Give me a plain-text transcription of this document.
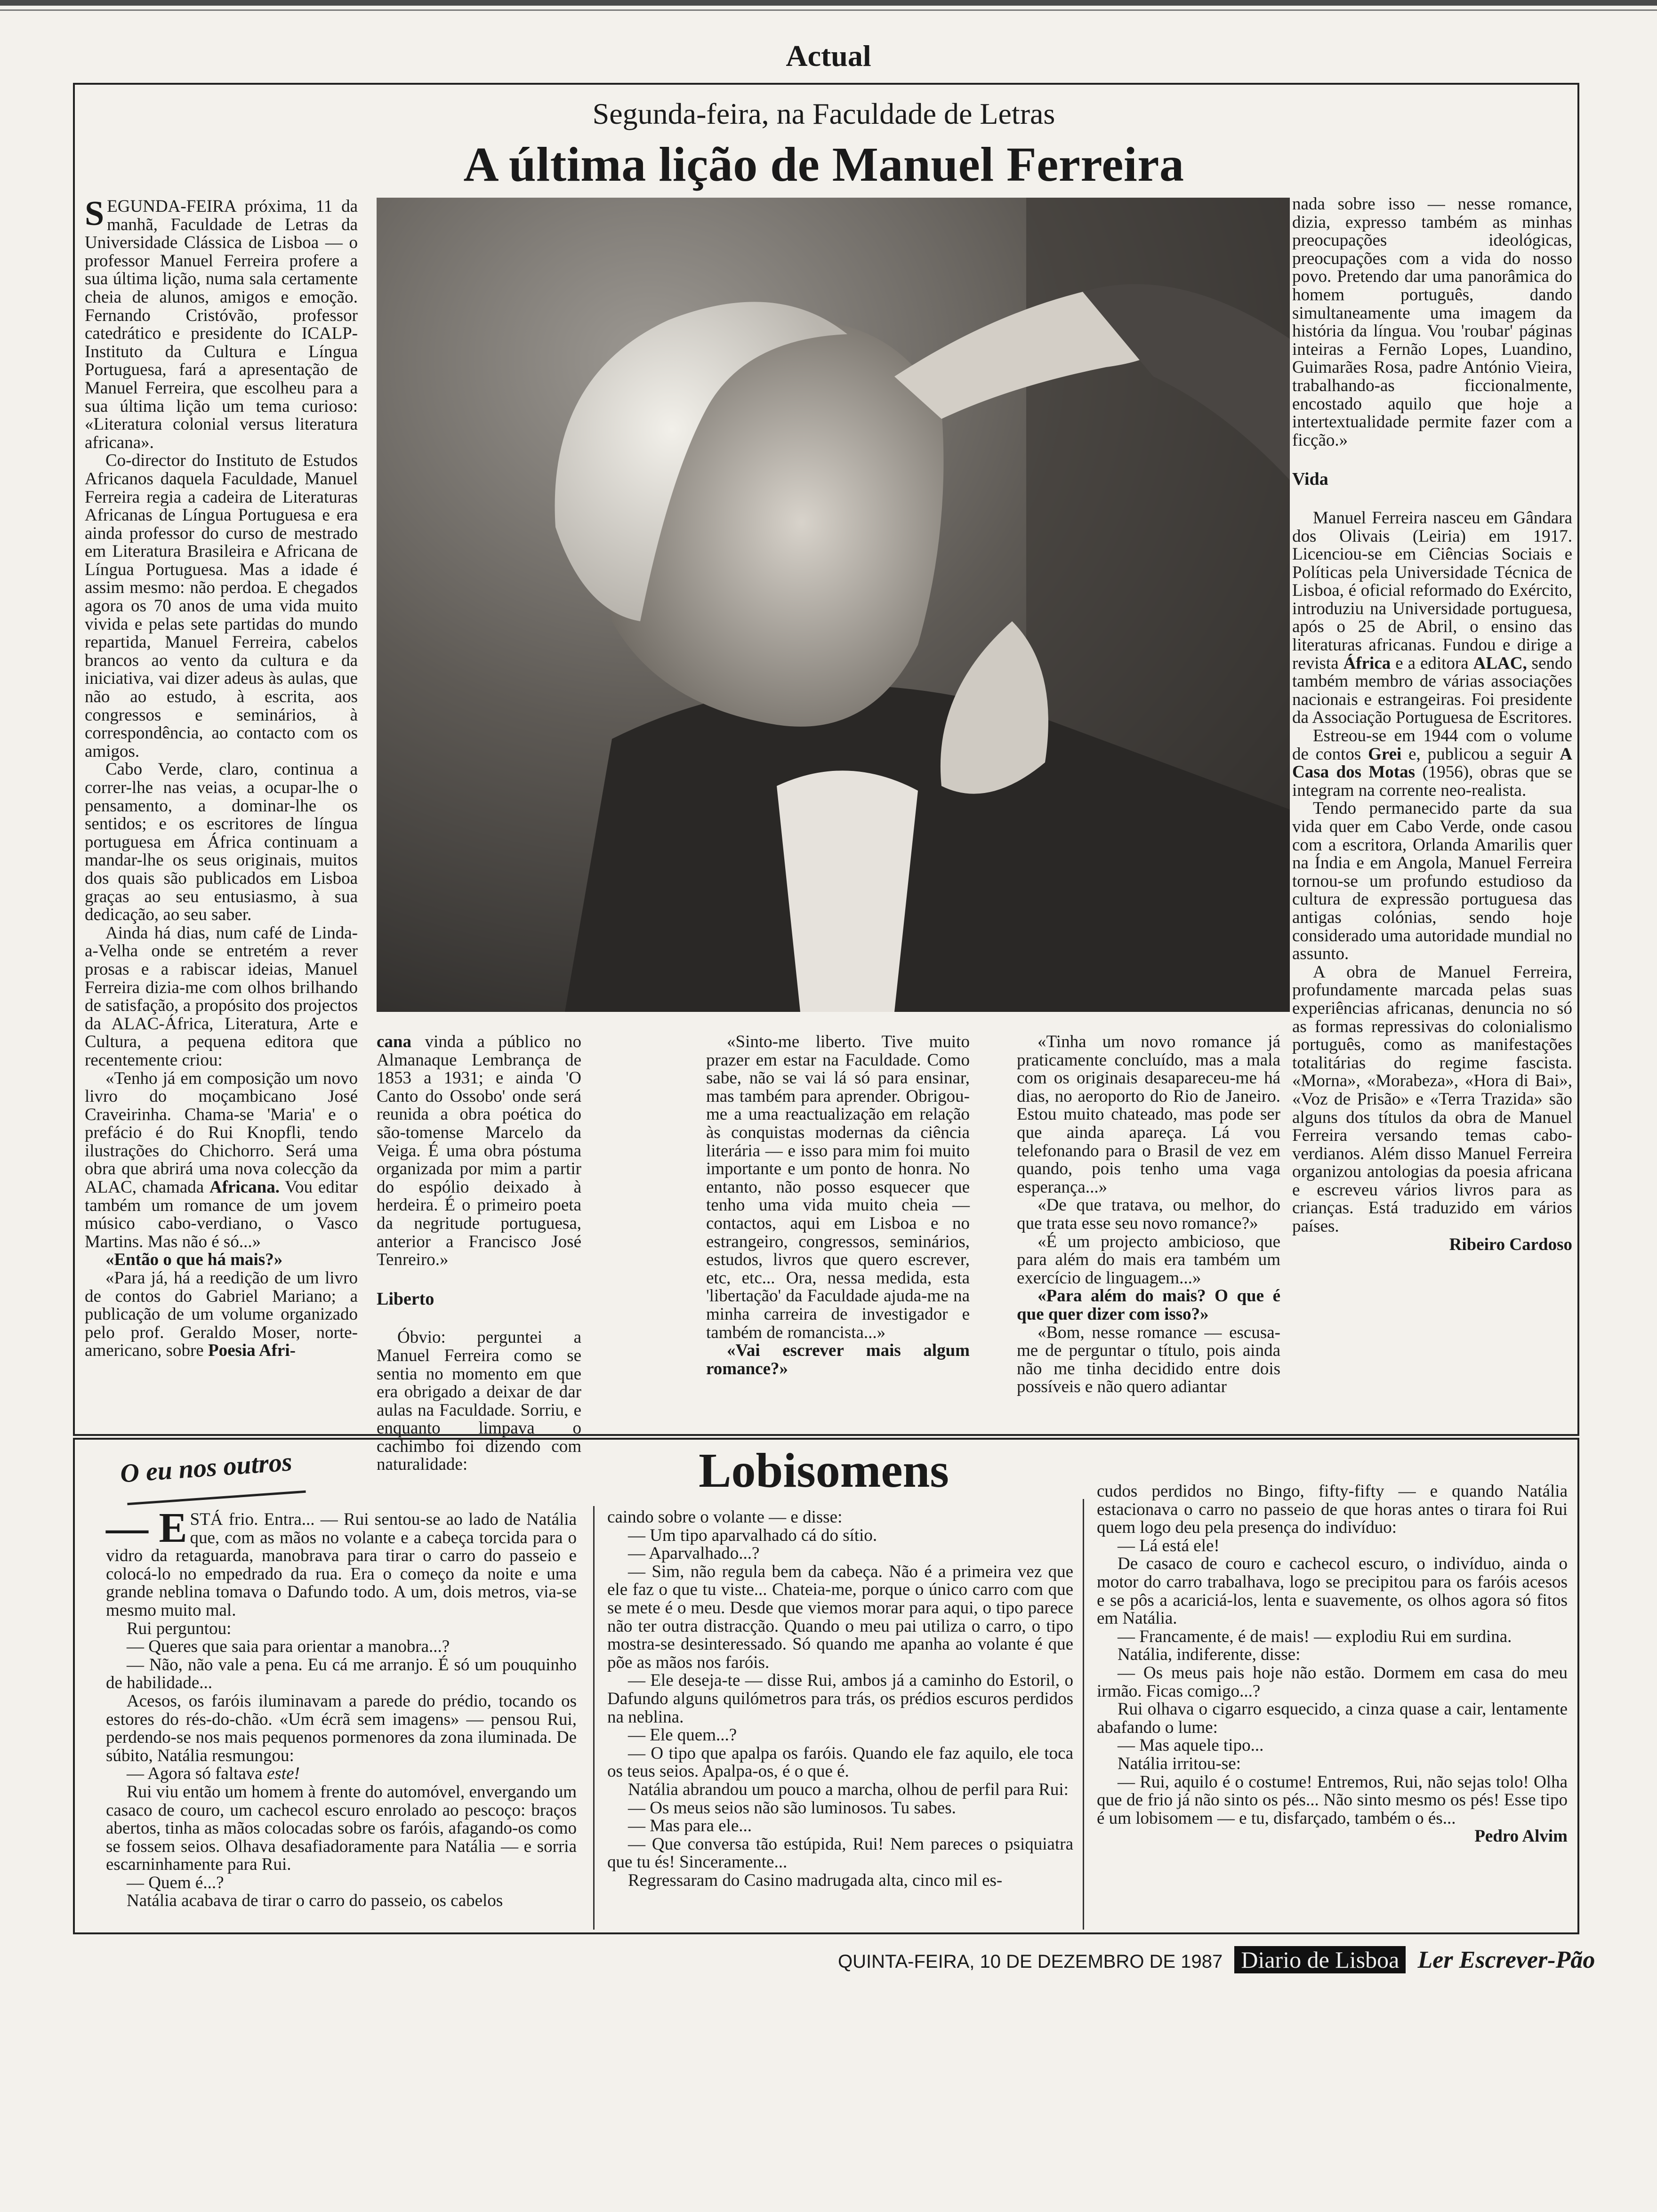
Actual
Segunda-feira, na Faculdade de Letras
A última lição de Manuel Ferreira

SEGUNDA-FEIRA próxima, 11 da manhã, Faculdade de Letras da Universidade Clássica de Lisboa — o professor Manuel Ferreira profere a sua última lição, numa sala certamente cheia de alunos, amigos e emoção. Fernando Cristóvão, professor catedrático e presidente do ICALP-Instituto da Cultura e Língua Portuguesa, fará a apresentação de Manuel Ferreira, que escolheu para a sua última lição um tema curioso: «Literatura colonial versus literatura africana».

Co-director do Instituto de Estudos Africanos daquela Faculdade, Manuel Ferreira regia a cadeira de Literaturas Africanas de Língua Portuguesa e era ainda professor do curso de mestrado em Literatura Brasileira e Africana de Língua Portuguesa. Mas a idade é assim mesmo: não perdoa. E chegados agora os 70 anos de uma vida muito vivida e pelas sete partidas do mundo repartida, Manuel Ferreira, cabelos brancos ao vento da cultura e da iniciativa, vai dizer adeus às aulas, que não ao estudo, à escrita, aos congressos e seminários, à correspondência, ao contacto com os amigos.

Cabo Verde, claro, continua a correr-lhe nas veias, a ocupar-lhe o pensamento, a dominar-lhe os sentidos; e os escritores de língua portuguesa em África continuam a mandar-lhe os seus originais, muitos dos quais são publicados em Lisboa graças ao seu entusiasmo, à sua dedicação, ao seu saber.

Ainda há dias, num café de Linda-a-Velha onde se entretém a rever prosas e a rabiscar ideias, Manuel Ferreira dizia-me com olhos brilhando de satisfação, a propósito dos projectos da ALAC-África, Literatura, Arte e Cultura, a pequena editora que recentemente criou:

«Tenho já em composição um novo livro do moçambicano José Craveirinha. Chama-se 'Maria' e o prefácio é do Rui Knopfli, tendo ilustrações do Chichorro. Será uma obra que abrirá uma nova colecção da ALAC, chamada Africana. Vou editar também um romance de um jovem músico cabo-verdiano, o Vasco Martins. Mas não é só...»

«Então o que há mais?»

«Para já, há a reedição de um livro de contos do Gabriel Mariano; a publicação de um volume organizado pelo prof. Geraldo Moser, norte-americano, sobre Poesia Afri-

cana vinda a público no Almanaque Lembrança de 1853 a 1931; e ainda 'O Canto do Ossobo' onde será reunida a obra poética do são-tomense Marcelo da Veiga. É uma obra póstuma organizada por mim a partir do espólio deixado à herdeira. É o primeiro poeta da negritude portuguesa, anterior a Francisco José Tenreiro.»

Liberto

Óbvio: perguntei a Manuel Ferreira como se sentia no momento em que era obrigado a deixar de dar aulas na Faculdade. Sorriu, e enquanto limpava o cachimbo foi dizendo com naturalidade:

«Sinto-me liberto. Tive muito prazer em estar na Faculdade. Como sabe, não se vai lá só para ensinar, mas também para aprender. Obrigou-me a uma reactualização em relação às conquistas modernas da ciência literária — e isso para mim foi muito importante e um ponto de honra. No entanto, não posso esquecer que tenho uma vida muito cheia — contactos, aqui em Lisboa e no estrangeiro, congressos, seminários, estudos, livros que quero escrever, etc, etc... Ora, nessa medida, esta 'libertação' da Faculdade ajuda-me na minha carreira de investigador e também de romancista...»

«Vai escrever mais algum romance?»

«Tinha um novo romance já praticamente concluído, mas a mala com os originais desapareceu-me há dias, no aeroporto do Rio de Janeiro. Estou muito chateado, mas pode ser que ainda apareça. Lá vou telefonando para o Brasil de vez em quando, pois tenho uma vaga esperança...»

«De que tratava, ou melhor, do que trata esse seu novo romance?»

«É um projecto ambicioso, que para além do mais era também um exercício de linguagem...»

«Para além do mais? O que é que quer dizer com isso?»

«Bom, nesse romance — escusa-me de perguntar o título, pois ainda não me tinha decidido entre dois possíveis e não quero adiantar

nada sobre isso — nesse romance, dizia, expresso também as minhas preocupações ideológicas, preocupações com a vida do nosso povo. Pretendo dar uma panorâmica do homem português, dando simultaneamente uma imagem da história da língua. Vou 'roubar' páginas inteiras a Fernão Lopes, Luandino, Guimarães Rosa, padre António Vieira, trabalhando-as ficcionalmente, encostado aquilo que hoje a intertextualidade permite fazer com a ficção.»

Vida

Manuel Ferreira nasceu em Gândara dos Olivais (Leiria) em 1917. Licenciou-se em Ciências Sociais e Políticas pela Universidade Técnica de Lisboa, é oficial reformado do Exército, introduziu na Universidade portuguesa, após o 25 de Abril, o ensino das literaturas africanas. Fundou e dirige a revista África e a editora ALAC, sendo também membro de várias associações nacionais e estrangeiras. Foi presidente da Associação Portuguesa de Escritores.

Estreou-se em 1944 com o volume de contos Grei e, publicou a seguir A Casa dos Motas (1956), obras que se integram na corrente neo-realista.

Tendo permanecido parte da sua vida quer em Cabo Verde, onde casou com a escritora, Orlanda Amarilis quer na Índia e em Angola, Manuel Ferreira tornou-se um profundo estudioso da cultura de expressão portuguesa das antigas colónias, sendo hoje considerado uma autoridade mundial no assunto.

A obra de Manuel Ferreira, profundamente marcada pelas suas experiências africanas, denuncia no só as formas repressivas do colonialismo português, como as manifestações totalitárias do regime fascista. «Morna», «Morabeza», «Hora di Bai», «Voz de Prisão» e «Terra Trazida» são alguns dos títulos da obra de Manuel Ferreira versando temas cabo-verdianos. Além disso Manuel Ferreira organizou antologias da poesia africana e escreveu vários livros para as crianças. Está traduzido em vários países.

Ribeiro Cardoso

O eu nos outros	Lobisomens

— E STÁ frio. Entra... — Rui sentou-se ao lado de Natália que, com as mãos no volante e a cabeça torcida para o vidro da retaguarda, manobrava para tirar o carro do passeio e colocá-lo no empedrado da rua. Era o começo da noite e uma grande neblina tomava o Dafundo todo. A um, dois metros, via-se mesmo muito mal.

Rui perguntou:

— Queres que saia para orientar a manobra...?

— Não, não vale a pena. Eu cá me arranjo. É só um pouquinho de habilidade...

Acesos, os faróis iluminavam a parede do prédio, tocando os estores do rés-do-chão. «Um écrã sem imagens» — pensou Rui, perdendo-se nos mais pequenos pormenores da zona iluminada. De súbito, Natália resmungou:

— Agora só faltava este!

Rui viu então um homem à frente do automóvel, envergando um casaco de couro, um cachecol escuro enrolado ao pescoço: braços abertos, tinha as mãos colocadas sobre os faróis, afagando-os como se fossem seios. Olhava desafiadoramente para Natália — e sorria escarninhamente para Rui.

— Quem é...?

Natália acabava de tirar o carro do passeio, os cabelos

caindo sobre o volante — e disse:

— Um tipo aparvalhado cá do sítio.

— Aparvalhado...?

— Sim, não regula bem da cabeça. Não é a primeira vez que ele faz o que tu viste... Chateia-me, porque o único carro com que se mete é o meu. Desde que viemos morar para aqui, o tipo parece não ter outra distracção. Quando o meu pai utiliza o carro, o tipo mostra-se desinteressado. Só quando me apanha ao volante é que põe as mãos nos faróis.

— Ele deseja-te — disse Rui, ambos já a caminho do Estoril, o Dafundo alguns quilómetros para trás, os prédios escuros perdidos na neblina.

— Ele quem...?

— O tipo que apalpa os faróis. Quando ele faz aquilo, ele toca os teus seios. Apalpa-os, é o que é.

Natália abrandou um pouco a marcha, olhou de perfil para Rui:

— Os meus seios não são luminosos. Tu sabes.

— Mas para ele...

— Que conversa tão estúpida, Rui! Nem pareces o psiquiatra que tu és! Sinceramente...

Regressaram do Casino madrugada alta, cinco mil es-

cudos perdidos no Bingo, fifty-fifty — e quando Natália estacionava o carro no passeio de que horas antes o tirara foi Rui quem logo deu pela presença do indivíduo:

— Lá está ele!

De casaco de couro e cachecol escuro, o indivíduo, ainda o motor do carro trabalhava, logo se precipitou para os faróis acesos e se pôs a acariciá-los, lenta e suavemente, os olhos agora só fitos em Natália.

— Francamente, é de mais! — explodiu Rui em surdina.

Natália, indiferente, disse:

— Os meus pais hoje não estão. Dormem em casa do meu irmão. Ficas comigo...?

Rui olhava o cigarro esquecido, a cinza quase a cair, lentamente abafando o lume:

— Mas aquele tipo...

Natália irritou-se:

— Rui, aquilo é o costume! Entremos, Rui, não sejas tolo! Olha que de frio já não sinto os pés... Não sinto mesmo os pés! Esse tipo é um lobisomem — e tu, disfarçado, também o és...

Pedro Alvim

QUINTA-FEIRA, 10 DE DEZEMBRO DE 1987 Diario de Lisboa Ler Escrever-Pão
